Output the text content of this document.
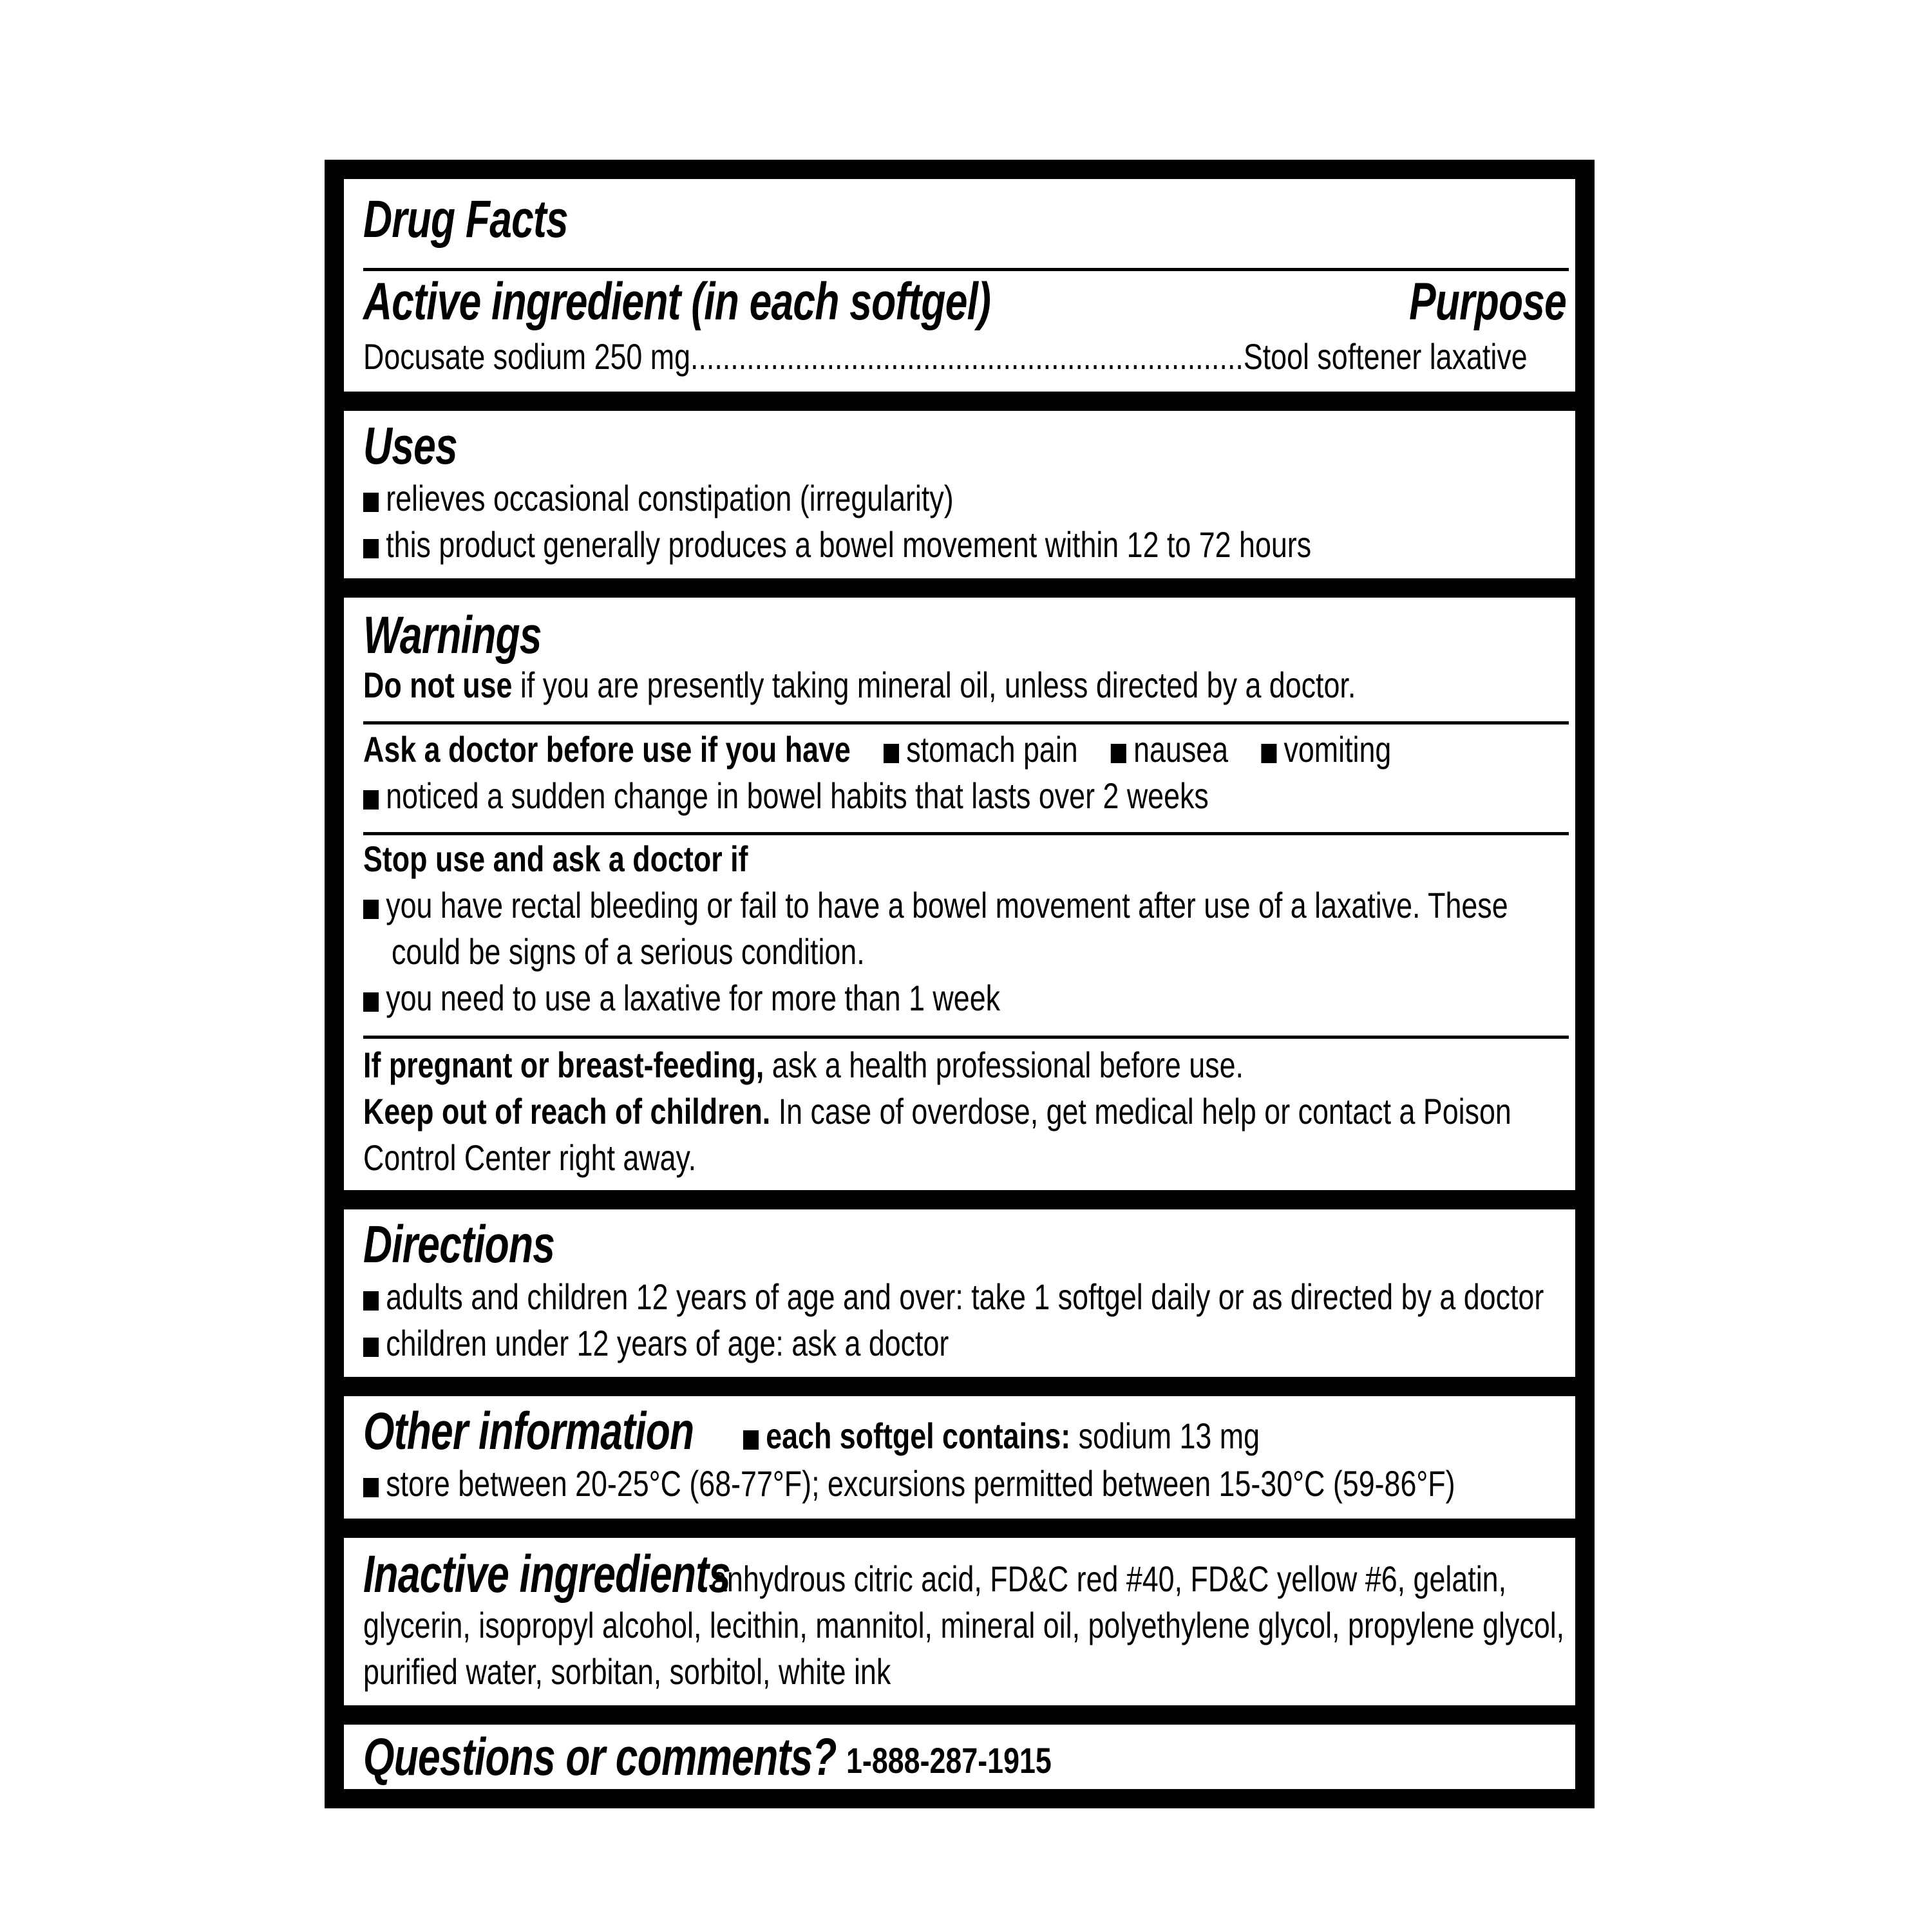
Drug Facts
Active ingredient (in each softgel)	Purpose
Docusate sodium 250 mg.....................................................................Stool softener laxative
Uses
relieves occasional constipation (irregularity)
this product generally produces a bowel movement within 12 to 72 hours
Warnings
Do not use if you are presently taking mineral oil, unless directed by a doctor.
Ask a doctor before use if you have stomach pain nausea vomiting
noticed a sudden change in bowel habits that lasts over 2 weeks
Stop use and ask a doctor if
you have rectal bleeding or fail to have a bowel movement after use of a laxative. These
could be signs of a serious condition.
you need to use a laxative for more than 1 week
If pregnant or breast-feeding, ask a health professional before use.
Keep out of reach of children. In case of overdose, get medical help or contact a Poison
Control Center right away.
Directions
adults and children 12 years of age and over: take 1 softgel daily or as directed by a doctor
children under 12 years of age: ask a doctor
Other information	each softgel contains: sodium 13 mg
store between 20-25°C (68-77°F); excursions permitted between 15-30°C (59-86°F)
Inactive ingredients
anhydrous citric acid, FD&C red #40, FD&C yellow #6, gelatin,
glycerin, isopropyl alcohol, lecithin, mannitol, mineral oil, polyethylene glycol, propylene glycol,
purified water, sorbitan, sorbitol, white ink
Questions or comments? 1-888-287-1915
